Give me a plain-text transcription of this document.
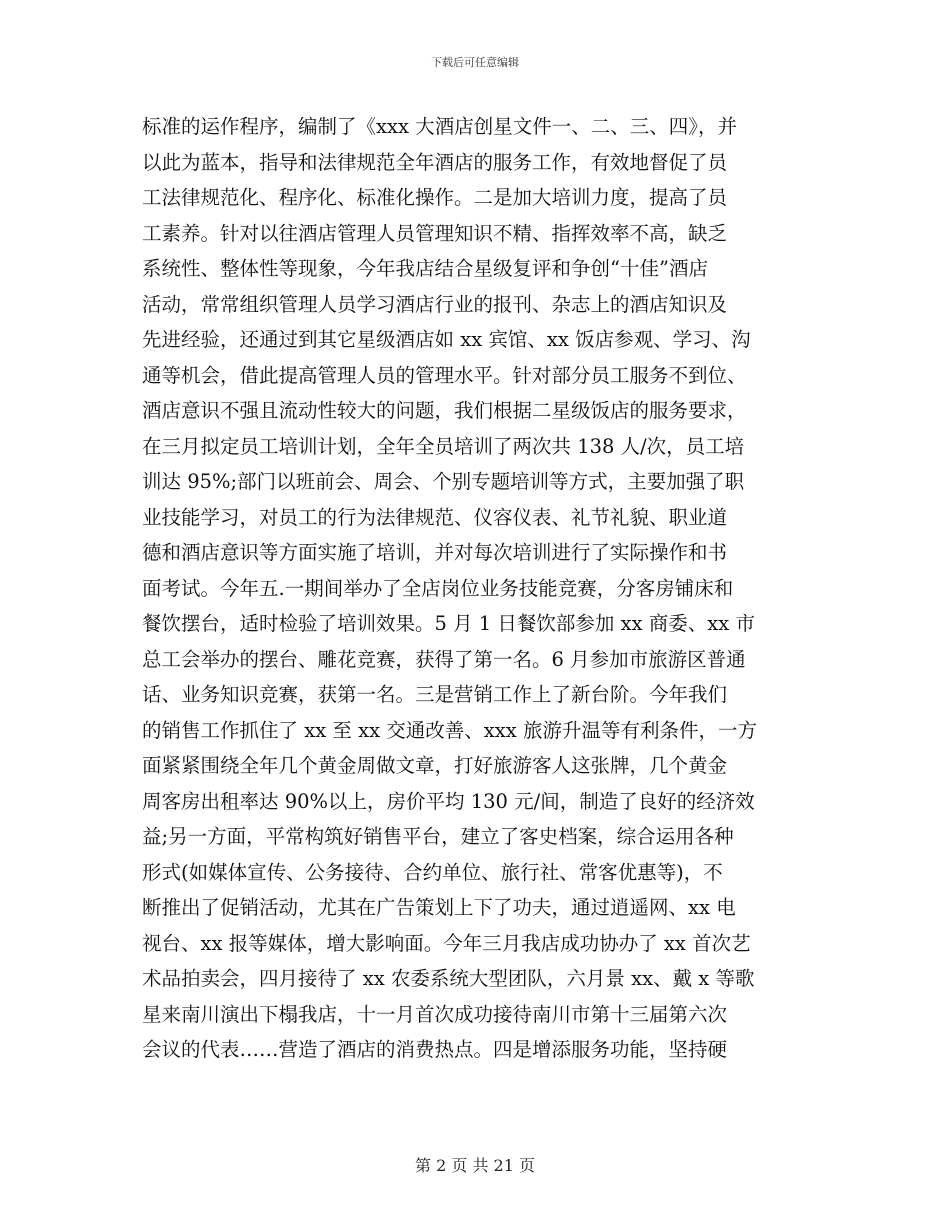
下载后可任意编辑
标准的运作程序，编制了《xxx 大酒店创星文件一、二、三、四》，并
以此为蓝本，指导和法律规范全年酒店的服务工作，有效地督促了员
工法律规范化、程序化、标准化操作。二是加大培训力度，提高了员
工素养。针对以往酒店管理人员管理知识不精、指挥效率不高，缺乏
系统性、整体性等现象，今年我店结合星级复评和争创“十佳”酒店
活动，常常组织管理人员学习酒店行业的报刊、杂志上的酒店知识及
先进经验，还通过到其它星级酒店如 xx 宾馆、xx 饭店参观、学习、沟
通等机会，借此提高管理人员的管理水平。针对部分员工服务不到位、
酒店意识不强且流动性较大的问题，我们根据二星级饭店的服务要求，
在三月拟定员工培训计划，全年全员培训了两次共 138 人/次，员工培
训达 95%;部门以班前会、周会、个别专题培训等方式，主要加强了职
业技能学习，对员工的行为法律规范、仪容仪表、礼节礼貌、职业道
德和酒店意识等方面实施了培训，并对每次培训进行了实际操作和书
面考试。今年五.一期间举办了全店岗位业务技能竞赛，分客房铺床和
餐饮摆台，适时检验了培训效果。5 月 1 日餐饮部参加 xx 商委、xx 市
总工会举办的摆台、雕花竞赛，获得了第一名。6 月参加市旅游区普通
话、业务知识竞赛，获第一名。三是营销工作上了新台阶。今年我们
的销售工作抓住了 xx 至 xx 交通改善、xxx 旅游升温等有利条件，一方
面紧紧围绕全年几个黄金周做文章，打好旅游客人这张牌，几个黄金
周客房出租率达 90%以上，房价平均 130 元/间，制造了良好的经济效
益;另一方面，平常构筑好销售平台，建立了客史档案，综合运用各种
形式(如媒体宣传、公务接待、合约单位、旅行社、常客优惠等)，不
断推出了促销活动，尤其在广告策划上下了功夫，通过逍遥网、xx 电
视台、xx 报等媒体，增大影响面。今年三月我店成功协办了 xx 首次艺
术品拍卖会，四月接待了 xx 农委系统大型团队，六月景 xx、戴 x 等歌
星来南川演出下榻我店，十一月首次成功接待南川市第十三届第六次
会议的代表……营造了酒店的消费热点。四是增添服务功能，坚持硬
第 2 页 共 21 页
